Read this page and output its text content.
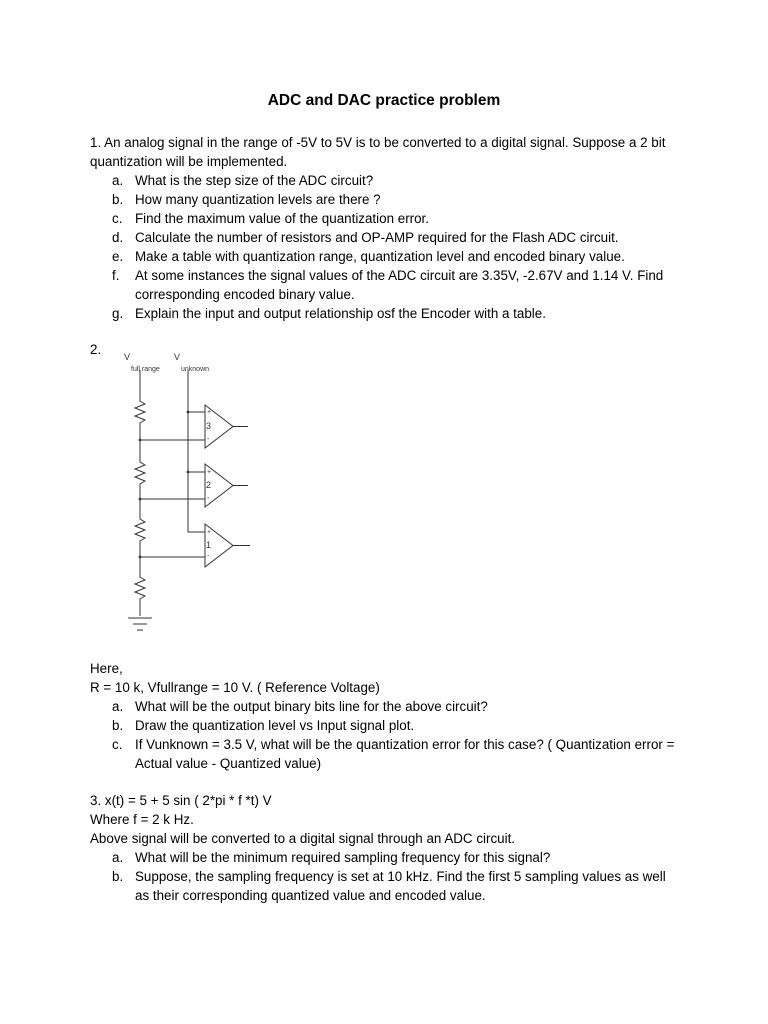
ADC and DAC practice problem
1. An analog signal in the range of -5V to 5V is to be converted to a digital signal. Suppose a 2 bit quantization will be implemented.
a. What is the step size of the ADC circuit?
b. How many quantization levels are there ?
c. Find the maximum value of the quantization error.
d. Calculate the number of resistors and OP-AMP required for the Flash ADC circuit.
e. Make a table with quantization range, quantization level and encoded binary value.
f. At some instances the signal values of the ADC circuit are 3.35V, -2.67V and 1.14 V. Find corresponding encoded binary value.
g. Explain the input and output relationship osf the Encoder with a table.
2.
+
-
+
-
+
-
3
2
1
V
full range
V
unknown
Here,
R = 10 k, Vfullrange = 10 V. ( Reference Voltage)
a. What will be the output binary bits line for the above circuit?
b. Draw the quantization level vs Input signal plot.
c. If Vunknown = 3.5 V, what will be the quantization error for this case? ( Quantization error = Actual value - Quantized value)
3. x(t) = 5 + 5 sin ( 2*pi * f *t) V
Where f = 2 k Hz.
Above signal will be converted to a digital signal through an ADC circuit.
a. What will be the minimum required sampling frequency for this signal?
b. Suppose, the sampling frequency is set at 10 kHz. Find the first 5 sampling values as well as their corresponding quantized value and encoded value.
